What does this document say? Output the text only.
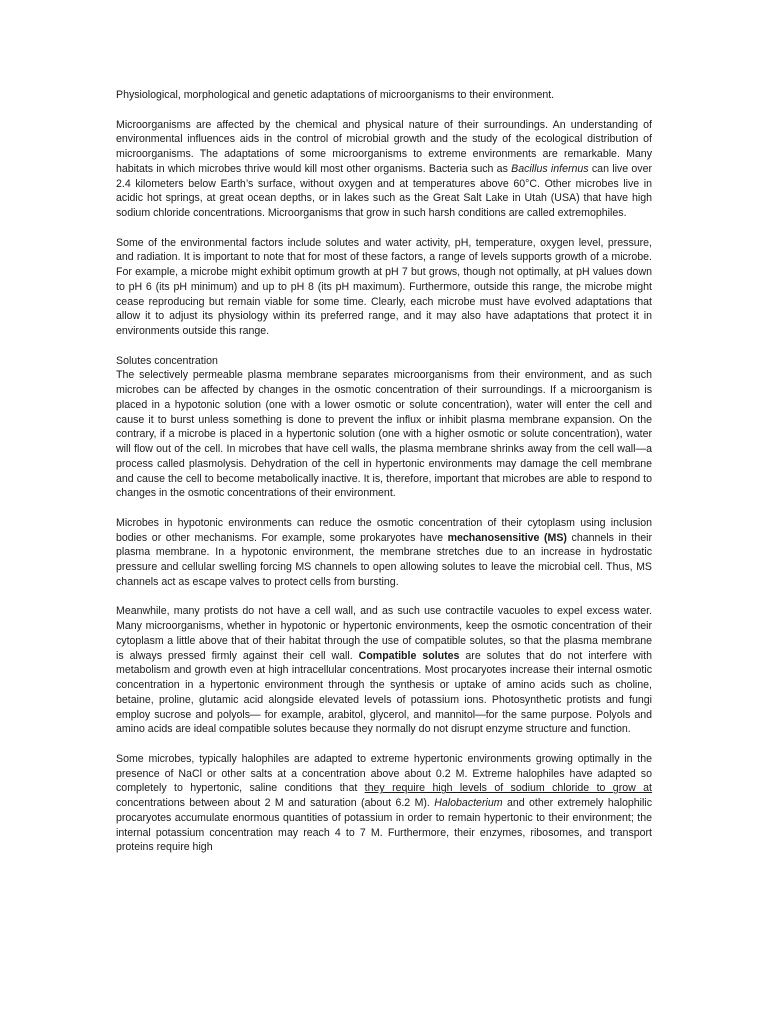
Physiological, morphological and genetic adaptations of microorganisms to their environment.

Microorganisms are affected by the chemical and physical nature of their surroundings. An understanding of environmental influences aids in the control of microbial growth and the study of the ecological distribution of microorganisms. The adaptations of some microorganisms to extreme environments are remarkable. Many habitats in which microbes thrive would kill most other organisms. Bacteria such as Bacillus infernus can live over 2.4 kilometers below Earth’s surface, without oxygen and at temperatures above 60°C. Other microbes live in acidic hot springs, at great ocean depths, or in lakes such as the Great Salt Lake in Utah (USA) that have high sodium chloride concentrations. Microorganisms that grow in such harsh conditions are called extremophiles.

Some of the environmental factors include solutes and water activity, pH, temperature, oxygen level, pressure, and radiation. It is important to note that for most of these factors, a range of levels supports growth of a microbe. For example, a microbe might exhibit optimum growth at pH 7 but grows, though not optimally, at pH values down to pH 6 (its pH minimum) and up to pH 8 (its pH maximum). Furthermore, outside this range, the microbe might cease reproducing but remain viable for some time. Clearly, each microbe must have evolved adaptations that allow it to adjust its physiology within its preferred range, and it may also have adaptations that protect it in environments outside this range.

Solutes concentration

The selectively permeable plasma membrane separates microorganisms from their environment, and as such microbes can be affected by changes in the osmotic concentration of their surroundings. If a microorganism is placed in a hypotonic solution (one with a lower osmotic or solute concentration), water will enter the cell and cause it to burst unless something is done to prevent the influx or inhibit plasma membrane expansion. On the contrary, if a microbe is placed in a hypertonic solution (one with a higher osmotic or solute concentration), water will flow out of the cell. In microbes that have cell walls, the plasma membrane shrinks away from the cell wall—a process called plasmolysis. Dehydration of the cell in hypertonic environments may damage the cell membrane and cause the cell to become metabolically inactive. It is, therefore, important that microbes are able to respond to changes in the osmotic concentrations of their environment.

Microbes in hypotonic environments can reduce the osmotic concentration of their cytoplasm using inclusion bodies or other mechanisms. For example, some prokaryotes have mechanosensitive (MS) channels in their plasma membrane. In a hypotonic environment, the membrane stretches due to an increase in hydrostatic pressure and cellular swelling forcing MS channels to open allowing solutes to leave the microbial cell. Thus, MS channels act as escape valves to protect cells from bursting.

Meanwhile, many protists do not have a cell wall, and as such use contractile vacuoles to expel excess water. Many microorganisms, whether in hypotonic or hypertonic environments, keep the osmotic concentration of their cytoplasm a little above that of their habitat through the use of compatible solutes, so that the plasma membrane is always pressed firmly against their cell wall. Compatible solutes are solutes that do not interfere with metabolism and growth even at high intracellular concentrations. Most procaryotes increase their internal osmotic concentration in a hypertonic environment through the synthesis or uptake of amino acids such as choline, betaine, proline, glutamic acid alongside elevated levels of potassium ions. Photosynthetic protists and fungi employ sucrose and polyols— for example, arabitol, glycerol, and mannitol—for the same purpose. Polyols and amino acids are ideal compatible solutes because they normally do not disrupt enzyme structure and function.

Some microbes, typically halophiles are adapted to extreme hypertonic environments growing optimally in the presence of NaCl or other salts at a concentration above about 0.2 M. Extreme halophiles have adapted so completely to hypertonic, saline conditions that they require high levels of sodium chloride to grow at concentrations between about 2 M and saturation (about 6.2 M). Halobacterium and other extremely halophilic procaryotes accumulate enormous quantities of potassium in order to remain hypertonic to their environment; the internal potassium concentration may reach 4 to 7 M. Furthermore, their enzymes, ribosomes, and transport proteins require high
